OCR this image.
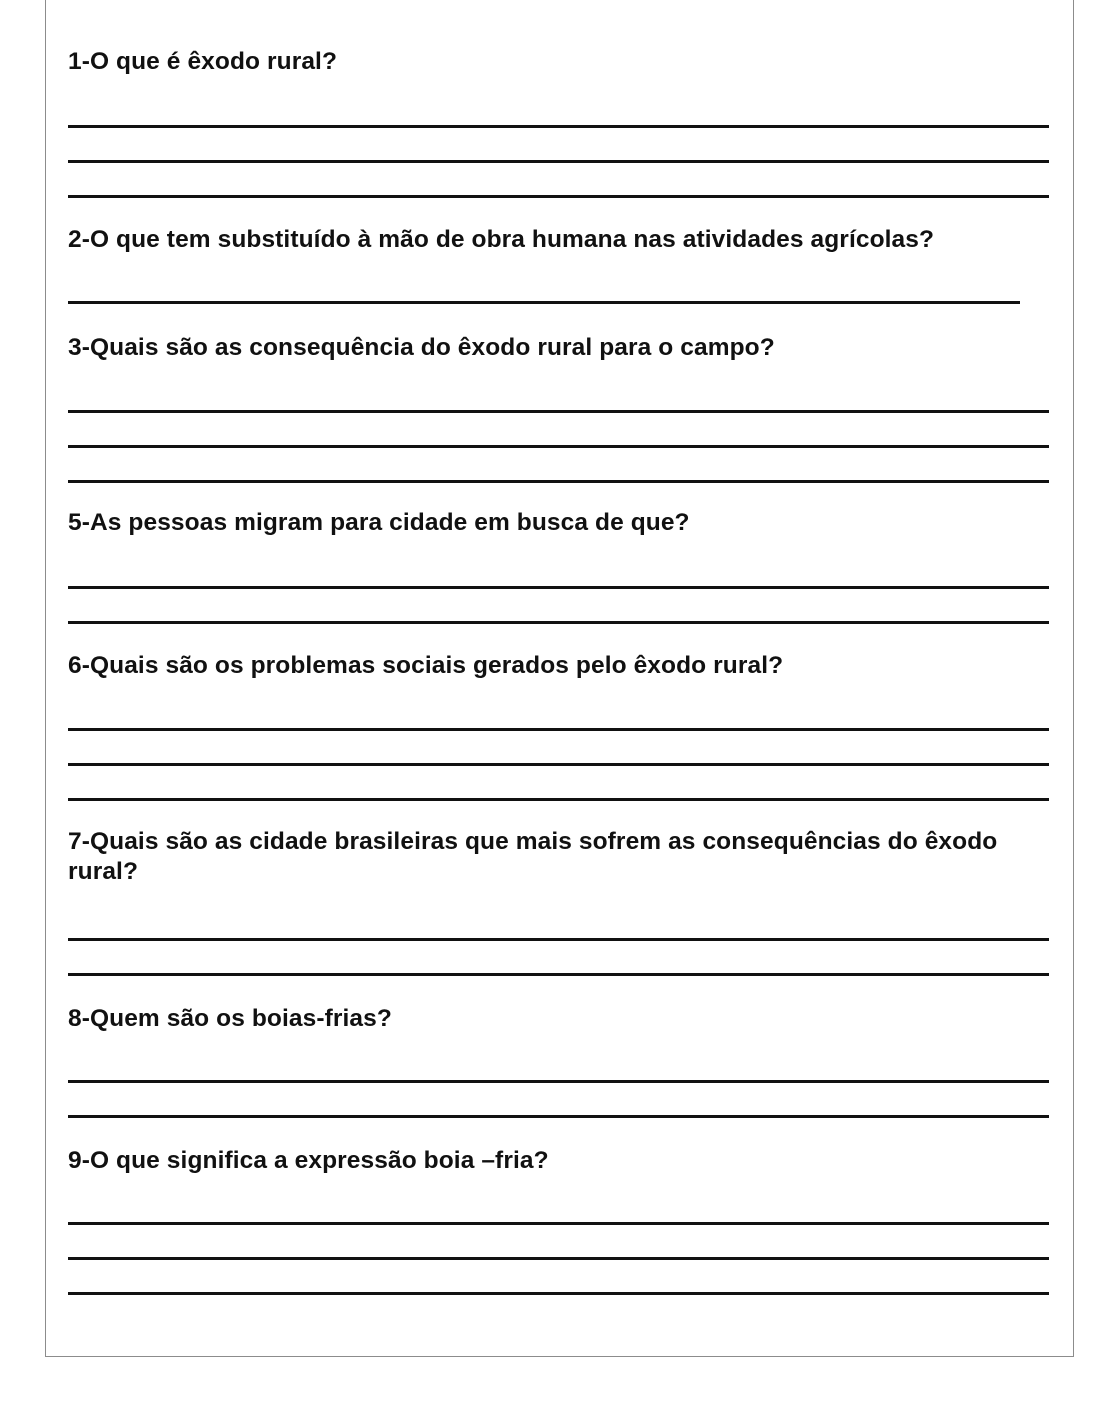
1-O que é êxodo rural?

2-O que tem substituído à mão de obra humana nas atividades agrícolas?

3-Quais são as consequência do êxodo rural para o campo?

5-As pessoas migram para cidade em busca de que?

6-Quais são os problemas sociais gerados pelo êxodo rural?

7-Quais são as cidade brasileiras que mais sofrem as consequências do êxodo rural?

8-Quem são os boias-frias?

9-O que significa a expressão boia –fria?
